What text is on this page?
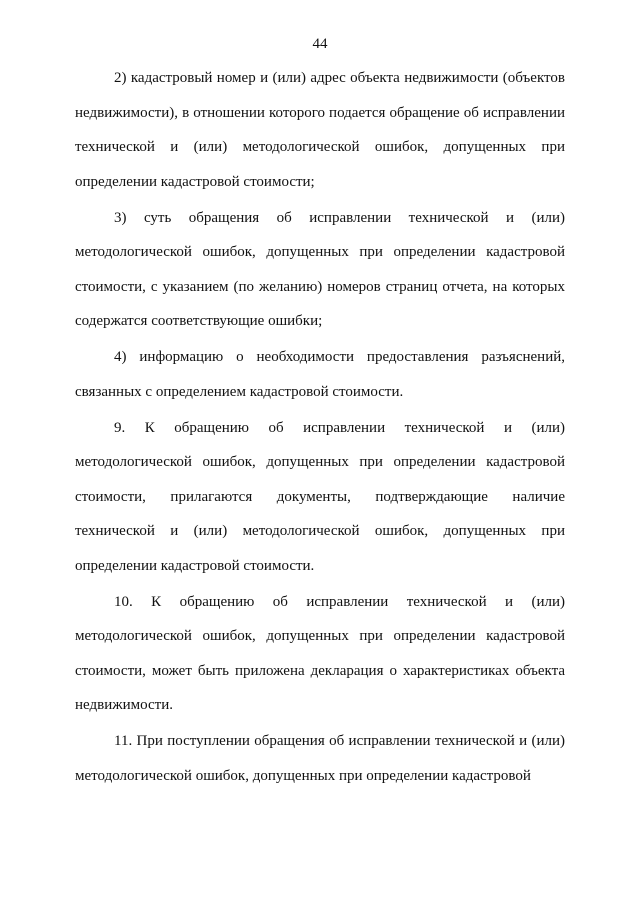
44

2) кадастровый номер и (или) адрес объекта недвижимости (объектов недвижимости), в отношении которого подается обращение об исправлении технической и (или) методологической ошибок, допущенных при определении кадастровой стоимости;

3) суть обращения об исправлении технической и (или) методологической ошибок, допущенных при определении кадастровой стоимости, с указанием (по желанию) номеров страниц отчета, на которых содержатся соответствующие ошибки;

4) информацию о необходимости предоставления разъяснений, связанных с определением кадастровой стоимости.

9. К обращению об исправлении технической и (или) методологической ошибок, допущенных при определении кадастровой стоимости, прилагаются документы, подтверждающие наличие технической и (или) методологической ошибок, допущенных при определении кадастровой стоимости.

10. К обращению об исправлении технической и (или) методологической ошибок, допущенных при определении кадастровой стоимости, может быть приложена декларация о характеристиках объекта недвижимости.

11. При поступлении обращения об исправлении технической и (или) методологической ошибок, допущенных при определении кадастровой
